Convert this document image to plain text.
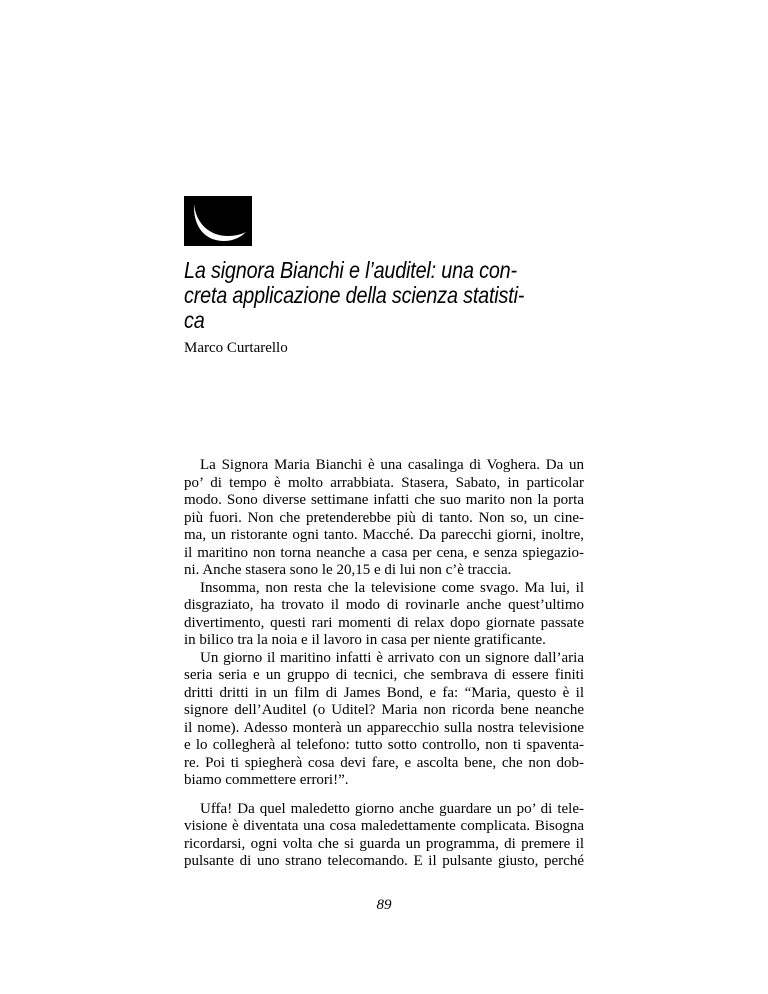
La signora Bianchi e l’auditel: una con-
creta applicazione della scienza statisti-
ca
Marco Curtarello
La Signora Maria Bianchi è una casalinga di Voghera. Da un
po’ di tempo è molto arrabbiata. Stasera, Sabato, in particolar
modo. Sono diverse settimane infatti che suo marito non la porta
più fuori. Non che pretenderebbe più di tanto. Non so, un cine-
ma, un ristorante ogni tanto. Macché. Da parecchi giorni, inoltre,
il maritino non torna neanche a casa per cena, e senza spiegazio-
ni. Anche stasera sono le 20,15 e di lui non c’è traccia.
Insomma, non resta che la televisione come svago. Ma lui, il
disgraziato, ha trovato il modo di rovinarle anche quest’ultimo
divertimento, questi rari momenti di relax dopo giornate passate
in bilico tra la noia e il lavoro in casa per niente gratificante.
Un giorno il maritino infatti è arrivato con un signore dall’aria
seria seria e un gruppo di tecnici, che sembrava di essere finiti
dritti dritti in un film di James Bond, e fa: “Maria, questo è il
signore dell’Auditel (o Uditel? Maria non ricorda bene neanche
il nome). Adesso monterà un apparecchio sulla nostra televisione
e lo collegherà al telefono: tutto sotto controllo, non ti spaventa-
re. Poi ti spiegherà cosa devi fare, e ascolta bene, che non dob-
biamo commettere errori!”.
Uffa! Da quel maledetto giorno anche guardare un po’ di tele-
visione è diventata una cosa maledettamente complicata. Bisogna
ricordarsi, ogni volta che si guarda un programma, di premere il
pulsante di uno strano telecomando. E il pulsante giusto, perché
89
